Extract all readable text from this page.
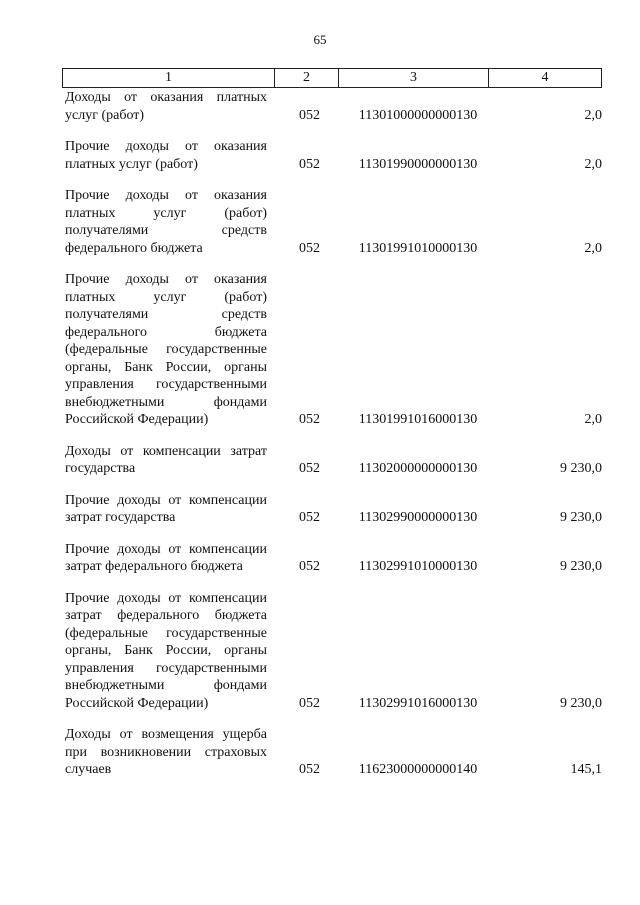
65
1	2	3	4
Доходы от оказания платных услуг (работ)	052	11301000000000130	2,0
Прочие доходы от оказания платных услуг (работ)	052	11301990000000130	2,0
Прочие доходы от оказания платных услуг (работ) получателями средств федерального бюджета	052	11301991010000130	2,0
Прочие доходы от оказания платных услуг (работ) получателями средств федерального бюджета (федеральные государственные органы, Банк России, органы управления государственными внебюджетными фондами Российской Федерации)	052	11301991016000130	2,0
Доходы от компенсации затрат государства	052	11302000000000130	9 230,0
Прочие доходы от компенсации затрат государства	052	11302990000000130	9 230,0
Прочие доходы от компенсации затрат федерального бюджета	052	11302991010000130	9 230,0
Прочие доходы от компенсации затрат федерального бюджета (федеральные государственные органы, Банк России, органы управления государственными внебюджетными фондами Российской Федерации)	052	11302991016000130	9 230,0
Доходы от возмещения ущерба при возникновении страховых случаев	052	11623000000000140	145,1
